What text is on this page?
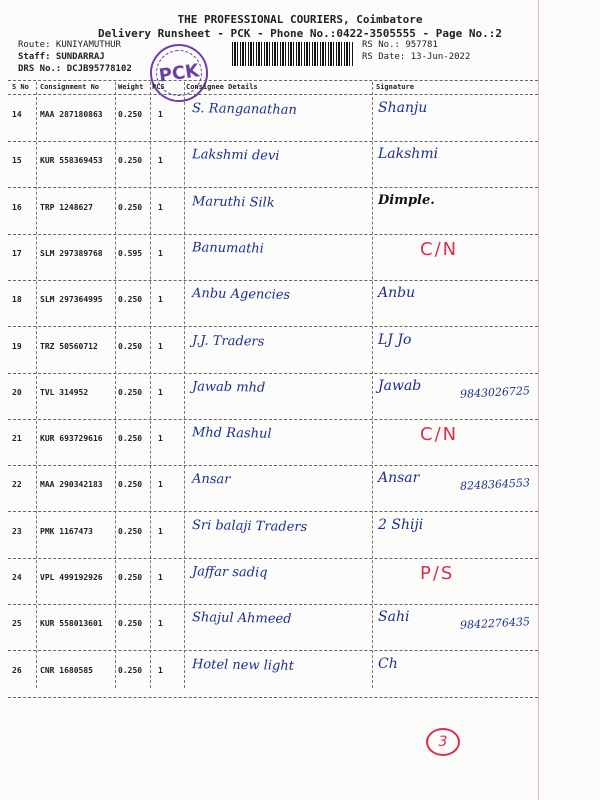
THE PROFESSIONAL COURIERS, Coimbatore
Delivery Runsheet - PCK - Phone No.:0422-3505555 - Page No.:2
Route: KUNIYAMUTHUR
Staff: SUNDARRAJ
DRS No.: DCJB95778102
RS No.: 957781
RS Date: 13-Jun-2022
PCK
S No Consignment No	Weight PCS	Consignee Details	Signature
14 MAA 287180863 0.250 1 S. Ranganathan	Shanju
15 KUR 558369453 0.250 1 Lakshmi devi	Lakshmi
16 TRP 1248627	0.250 1 Maruthi Silk	Dimple.
17 SLM 297389768 0.595 1 Banumathi	C/N
18 SLM 297364995 0.250 1 Anbu Agencies	Anbu
19 TRZ 50560712	0.250 1 J.J. Traders	LJ Jo
20 TVL 314952	0.250 1 Jawab mhd	Jawab	9843026725
21 KUR 693729616 0.250 1 Mhd Rashul	C/N
22 MAA 290342183 0.250 1 Ansar	Ansar	8248364553
23 PMK 1167473	0.250 1 Sri balaji Traders	2 Shiji
24 VPL 499192926 0.250 1 Jaffar sadiq	P/S
25 KUR 558013601 0.250 1 Shajul Ahmeed	Sahi	9842276435
26 CNR 1680585	0.250 1 Hotel new light	Ch
3
